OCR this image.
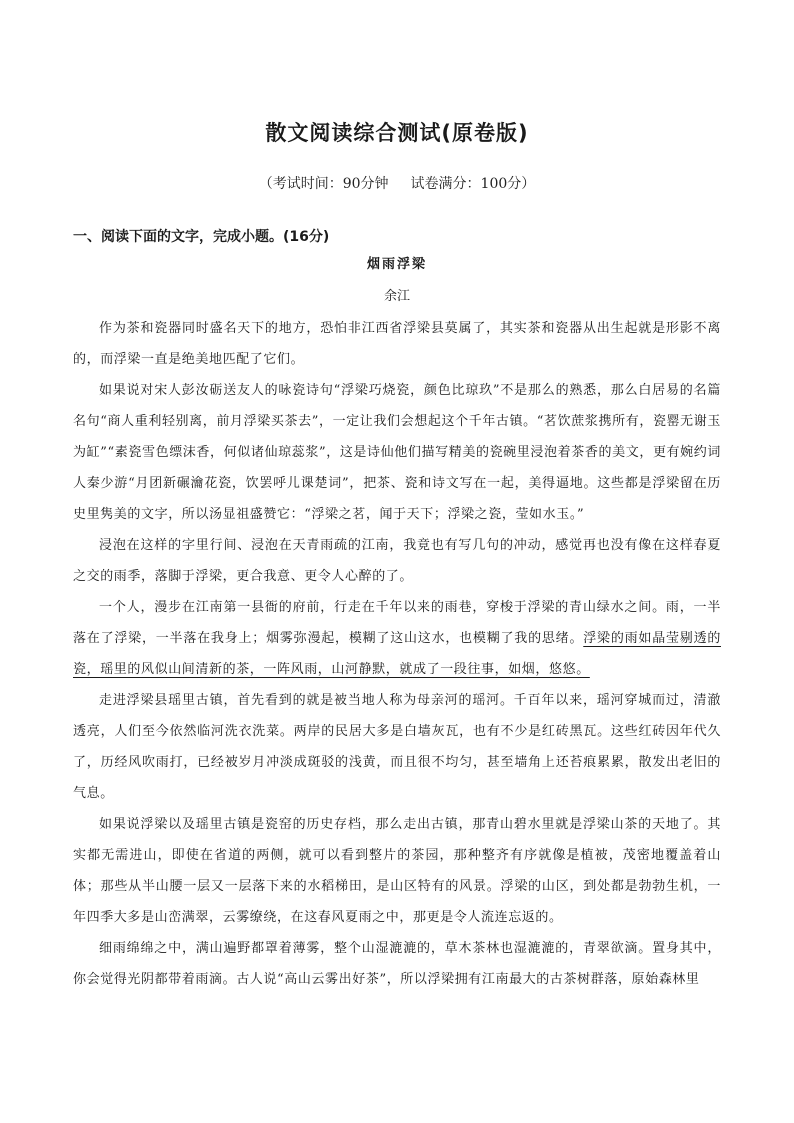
散文阅读综合测试(原卷版)
（考试时间：90分钟 试卷满分：100分）
一、阅读下面的文字，完成小题。(16分)
烟雨浮梁
余江

作为茶和瓷器同时盛名天下的地方，恐怕非江西省浮梁县莫属了，其实茶和瓷器从出生起就是形影不离的，而浮梁一直是绝美地匹配了它们。

如果说对宋人彭汝砺送友人的咏瓷诗句“浮梁巧烧瓷，颜色比琼玖”不是那么的熟悉，那么白居易的名篇名句“商人重利轻别离，前月浮梁买茶去”，一定让我们会想起这个千年古镇。“茗饮蔗浆携所有，瓷罂无谢玉为缸”“素瓷雪色缥沫香，何似诸仙琼蕊浆”，这是诗仙他们描写精美的瓷碗里浸泡着茶香的美文，更有婉约词人秦少游“月团新碾瀹花瓷，饮罢呼儿课楚词”，把茶、瓷和诗文写在一起，美得逼地。这些都是浮梁留在历史里隽美的文字，所以汤显祖盛赞它：“浮梁之茗，闻于天下；浮梁之瓷，莹如水玉。”

浸泡在这样的字里行间、浸泡在天青雨疏的江南，我竟也有写几句的冲动，感觉再也没有像在这样春夏之交的雨季，落脚于浮梁，更合我意、更令人心醉的了。

一个人，漫步在江南第一县衙的府前，行走在千年以来的雨巷，穿梭于浮梁的青山绿水之间。雨，一半落在了浮梁，一半落在我身上；烟雾弥漫起，模糊了这山这水，也模糊了我的思绪。浮梁的雨如晶莹剔透的瓷，瑶里的风似山间清新的茶，一阵风雨，山河静默，就成了一段往事，如烟，悠悠。

走进浮梁县瑶里古镇，首先看到的就是被当地人称为母亲河的瑶河。千百年以来，瑶河穿城而过，清澈透亮，人们至今依然临河洗衣洗菜。两岸的民居大多是白墙灰瓦，也有不少是红砖黑瓦。这些红砖因年代久了，历经风吹雨打，已经被岁月冲淡成斑驳的浅黄，而且很不均匀，甚至墙角上还苔痕累累，散发出老旧的气息。

如果说浮梁以及瑶里古镇是瓷窑的历史存档，那么走出古镇，那青山碧水里就是浮梁山茶的天地了。其实都无需进山，即使在省道的两侧，就可以看到整片的茶园，那种整齐有序就像是植被，茂密地覆盖着山体；那些从半山腰一层又一层落下来的水稻梯田，是山区特有的风景。浮梁的山区，到处都是勃勃生机，一年四季大多是山峦满翠，云雾缭绕，在这春风夏雨之中，那更是令人流连忘返的。

细雨绵绵之中，满山遍野都罩着薄雾，整个山湿漉漉的，草木茶林也湿漉漉的，青翠欲滴。置身其中，你会觉得光阴都带着雨滴。古人说“高山云雾出好茶”，所以浮梁拥有江南最大的古茶树群落，原始森林里
